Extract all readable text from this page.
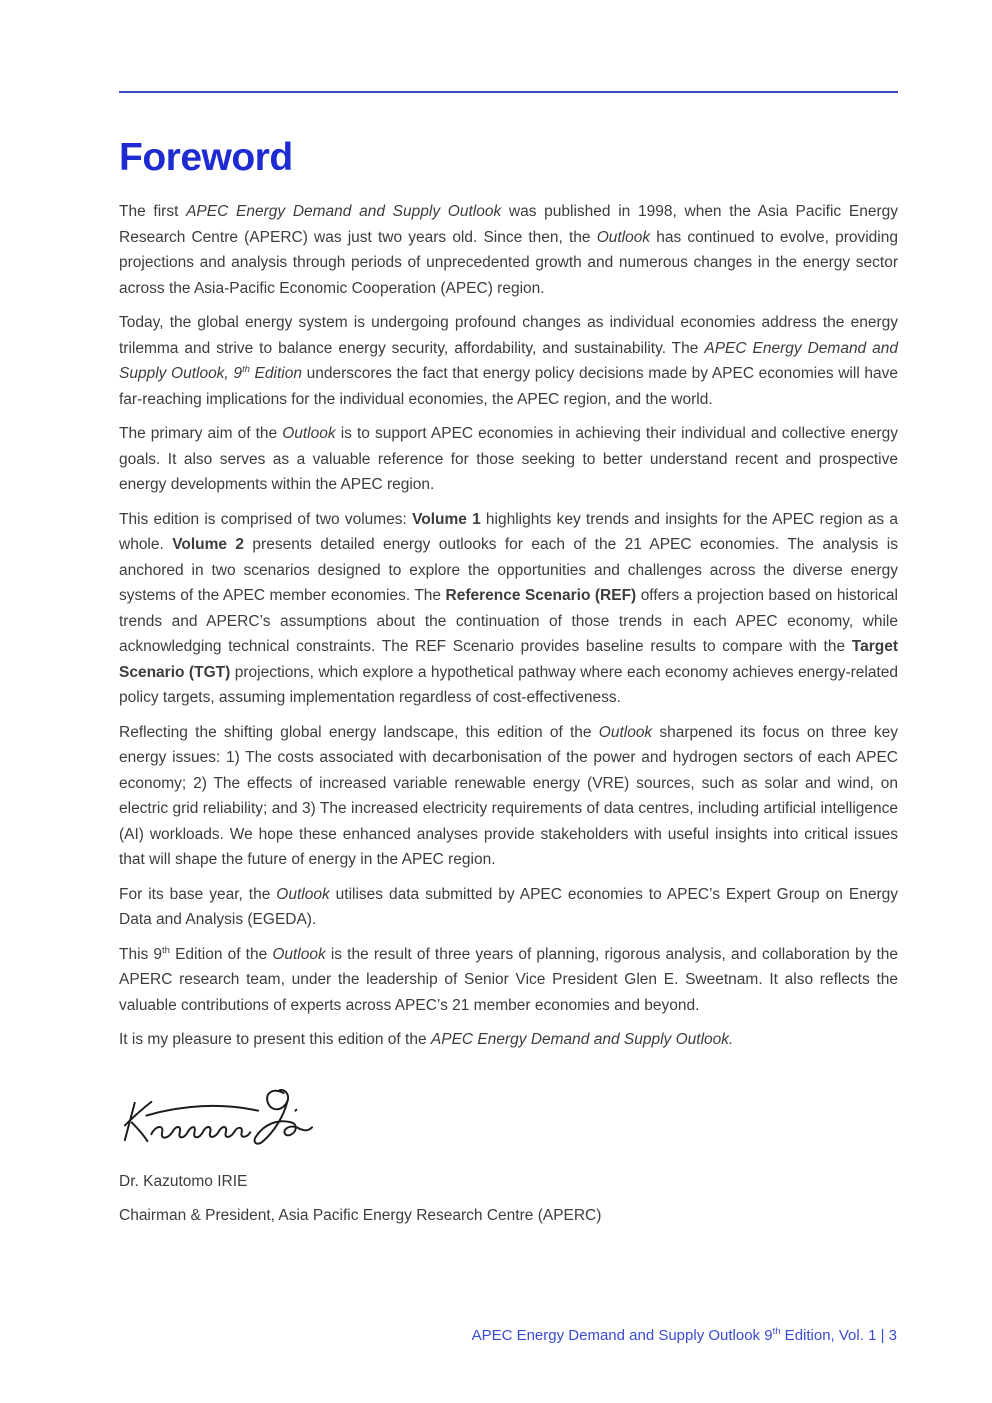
Foreword

The first APEC Energy Demand and Supply Outlook was published in 1998, when the Asia Pacific Energy Research Centre (APERC) was just two years old. Since then, the Outlook has continued to evolve, providing projections and analysis through periods of unprecedented growth and numerous changes in the energy sector across the Asia-Pacific Economic Cooperation (APEC) region.

Today, the global energy system is undergoing profound changes as individual economies address the energy trilemma and strive to balance energy security, affordability, and sustainability. The APEC Energy Demand and Supply Outlook, 9th Edition underscores the fact that energy policy decisions made by APEC economies will have far-reaching implications for the individual economies, the APEC region, and the world.

The primary aim of the Outlook is to support APEC economies in achieving their individual and collective energy goals. It also serves as a valuable reference for those seeking to better understand recent and prospective energy developments within the APEC region.

This edition is comprised of two volumes: Volume 1 highlights key trends and insights for the APEC region as a whole. Volume 2 presents detailed energy outlooks for each of the 21 APEC economies. The analysis is anchored in two scenarios designed to explore the opportunities and challenges across the diverse energy systems of the APEC member economies. The Reference Scenario (REF) offers a projection based on historical trends and APERC’s assumptions about the continuation of those trends in each APEC economy, while acknowledging technical constraints. The REF Scenario provides baseline results to compare with the Target Scenario (TGT) projections, which explore a hypothetical pathway where each economy achieves energy-related policy targets, assuming implementation regardless of cost-effectiveness.

Reflecting the shifting global energy landscape, this edition of the Outlook sharpened its focus on three key energy issues: 1) The costs associated with decarbonisation of the power and hydrogen sectors of each APEC economy; 2) The effects of increased variable renewable energy (VRE) sources, such as solar and wind, on electric grid reliability; and 3) The increased electricity requirements of data centres, including artificial intelligence (AI) workloads. We hope these enhanced analyses provide stakeholders with useful insights into critical issues that will shape the future of energy in the APEC region.

For its base year, the Outlook utilises data submitted by APEC economies to APEC’s Expert Group on Energy Data and Analysis (EGEDA).

This 9th Edition of the Outlook is the result of three years of planning, rigorous analysis, and collaboration by the APERC research team, under the leadership of Senior Vice President Glen E. Sweetnam. It also reflects the valuable contributions of experts across APEC’s 21 member economies and beyond.

It is my pleasure to present this edition of the APEC Energy Demand and Supply Outlook.

Dr. Kazutomo IRIE

Chairman & President, Asia Pacific Energy Research Centre (APERC)

APEC Energy Demand and Supply Outlook 9th Edition, Vol. 1 | 3
